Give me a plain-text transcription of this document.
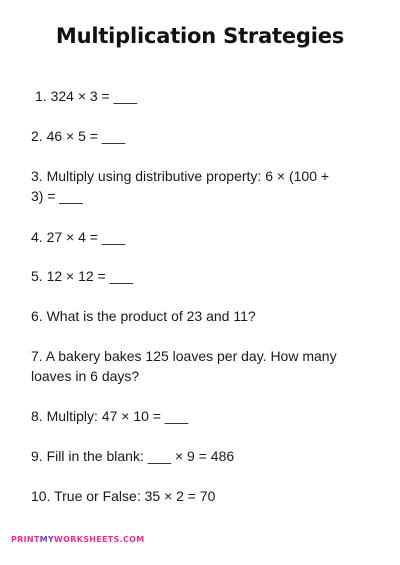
Multiplication Strategies

1. 324 × 3 = ___

2. 46 × 5 = ___

3. Multiply using distributive property: 6 × (100 + 3) = ___

4. 27 × 4 = ___

5. 12 × 12 = ___

6. What is the product of 23 and 11?

7. A bakery bakes 125 loaves per day. How many loaves in 6 days?

8. Multiply: 47 × 10 = ___

9. Fill in the blank: ___ × 9 = 486

10. True or False: 35 × 2 = 70

PRINTMYWORKSHEETS.COM
